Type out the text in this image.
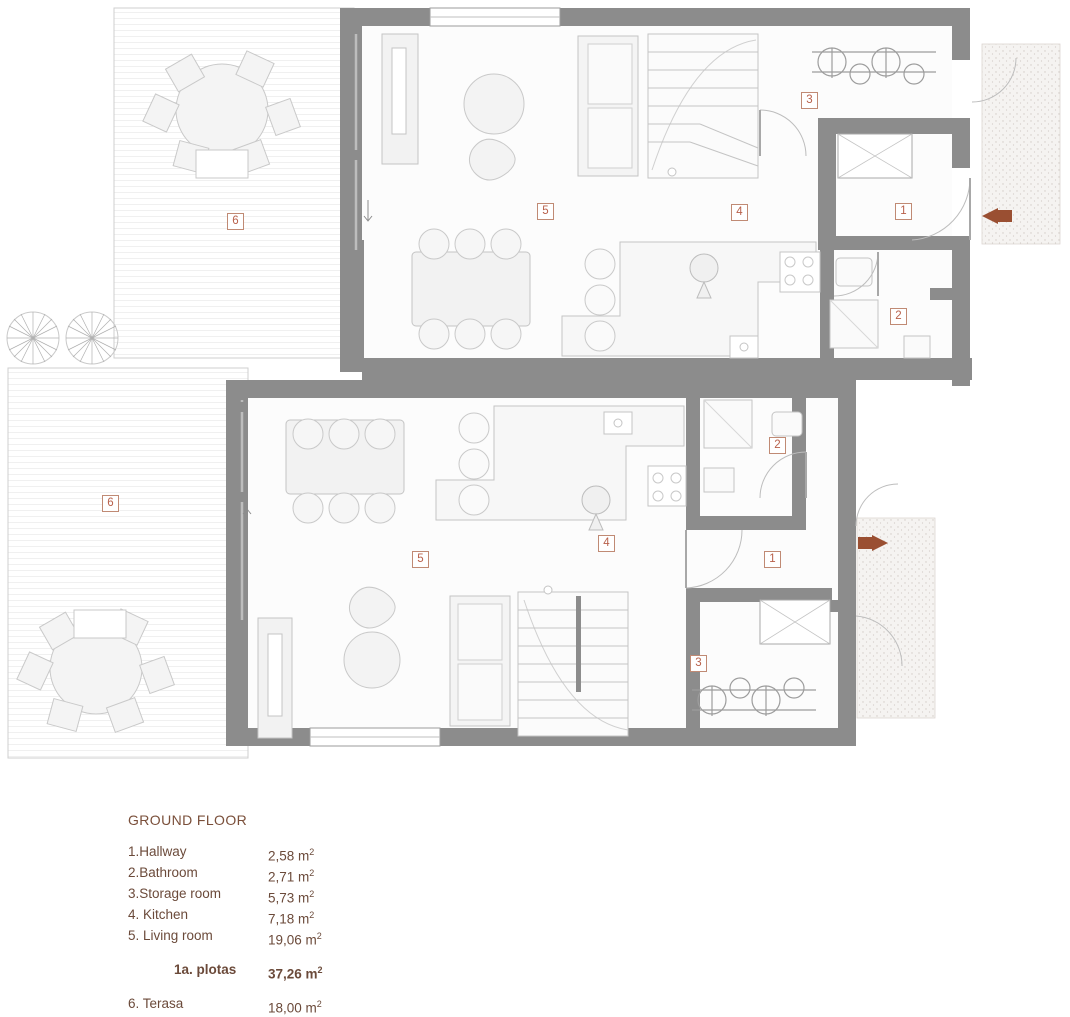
6
5	4
3
1
2
6
5
4
2
1
3
GROUND FLOOR
1.Hallway	2,58 $m^2$
2.Bathroom	2,71 $m^2$
3.Storage room	5,73 $m^2$
4. Kitchen	7,18 $m^2$
5. Living room	19,06 $m^2$

1a. plotas	37,26 $m^2$

6. Terasa	18,00 $m^2$
